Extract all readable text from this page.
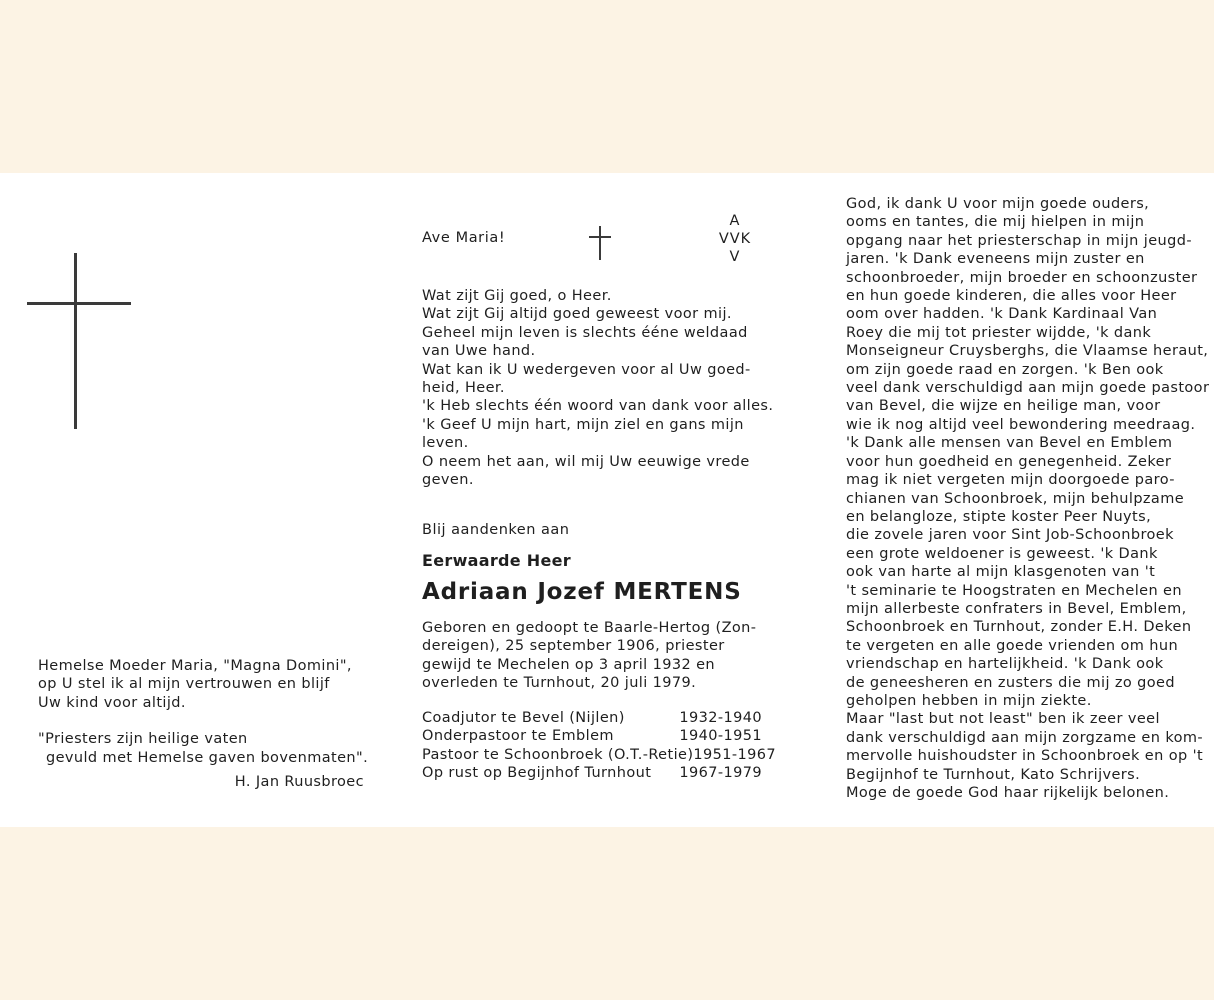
Hemelse Moeder Maria, "Magna Domini",
op U stel ik al mijn vertrouwen en blijf
Uw kind voor altijd.
"Priesters zijn heilige vaten
gevuld met Hemelse gaven bovenmaten".
H. Jan Ruusbroec
Ave Maria!
A
VVK
V
Wat zijt Gij goed, o Heer.
Wat zijt Gij altijd goed geweest voor mij.
Geheel mijn leven is slechts ééne weldaad
van Uwe hand.
Wat kan ik U wedergeven voor al Uw goed-
heid, Heer.
'k Heb slechts één woord van dank voor alles.
'k Geef U mijn hart, mijn ziel en gans mijn
leven.
O neem het aan, wil mij Uw eeuwige vrede
geven.
Blij aandenken aan
Eerwaarde Heer
Adriaan Jozef MERTENS
Geboren en gedoopt te Baarle-Hertog (Zon-
dereigen), 25 september 1906, priester
gewijd te Mechelen op 3 april 1932 en
overleden te Turnhout, 20 juli 1979.
Coadjutor te Bevel (Nijlen)	1932-1940
Onderpastoor te Emblem	1940-1951
Pastoor te Schoonbroek (O.T.-Retie) 1951-1967
Op rust op Begijnhof Turnhout 1967-1979
God, ik dank U voor mijn goede ouders,
ooms en tantes, die mij hielpen in mijn
opgang naar het priesterschap in mijn jeugd-
jaren. 'k Dank eveneens mijn zuster en
schoonbroeder, mijn broeder en schoonzuster
en hun goede kinderen, die alles voor Heer
oom over hadden. 'k Dank Kardinaal Van
Roey die mij tot priester wijdde, 'k dank
Monseigneur Cruysberghs, die Vlaamse heraut,
om zijn goede raad en zorgen. 'k Ben ook
veel dank verschuldigd aan mijn goede pastoor
van Bevel, die wijze en heilige man, voor
wie ik nog altijd veel bewondering meedraag.
'k Dank alle mensen van Bevel en Emblem
voor hun goedheid en genegenheid. Zeker
mag ik niet vergeten mijn doorgoede paro-
chianen van Schoonbroek, mijn behulpzame
en belangloze, stipte koster Peer Nuyts,
die zovele jaren voor Sint Job-Schoonbroek
een grote weldoener is geweest. 'k Dank
ook van harte al mijn klasgenoten van 't
't seminarie te Hoogstraten en Mechelen en
mijn allerbeste confraters in Bevel, Emblem,
Schoonbroek en Turnhout, zonder E.H. Deken
te vergeten en alle goede vrienden om hun
vriendschap en hartelijkheid. 'k Dank ook
de geneesheren en zusters die mij zo goed
geholpen hebben in mijn ziekte.
Maar "last but not least" ben ik zeer veel
dank verschuldigd aan mijn zorgzame en kom-
mervolle huishoudster in Schoonbroek en op 't
Begijnhof te Turnhout, Kato Schrijvers.
Moge de goede God haar rijkelijk belonen.
